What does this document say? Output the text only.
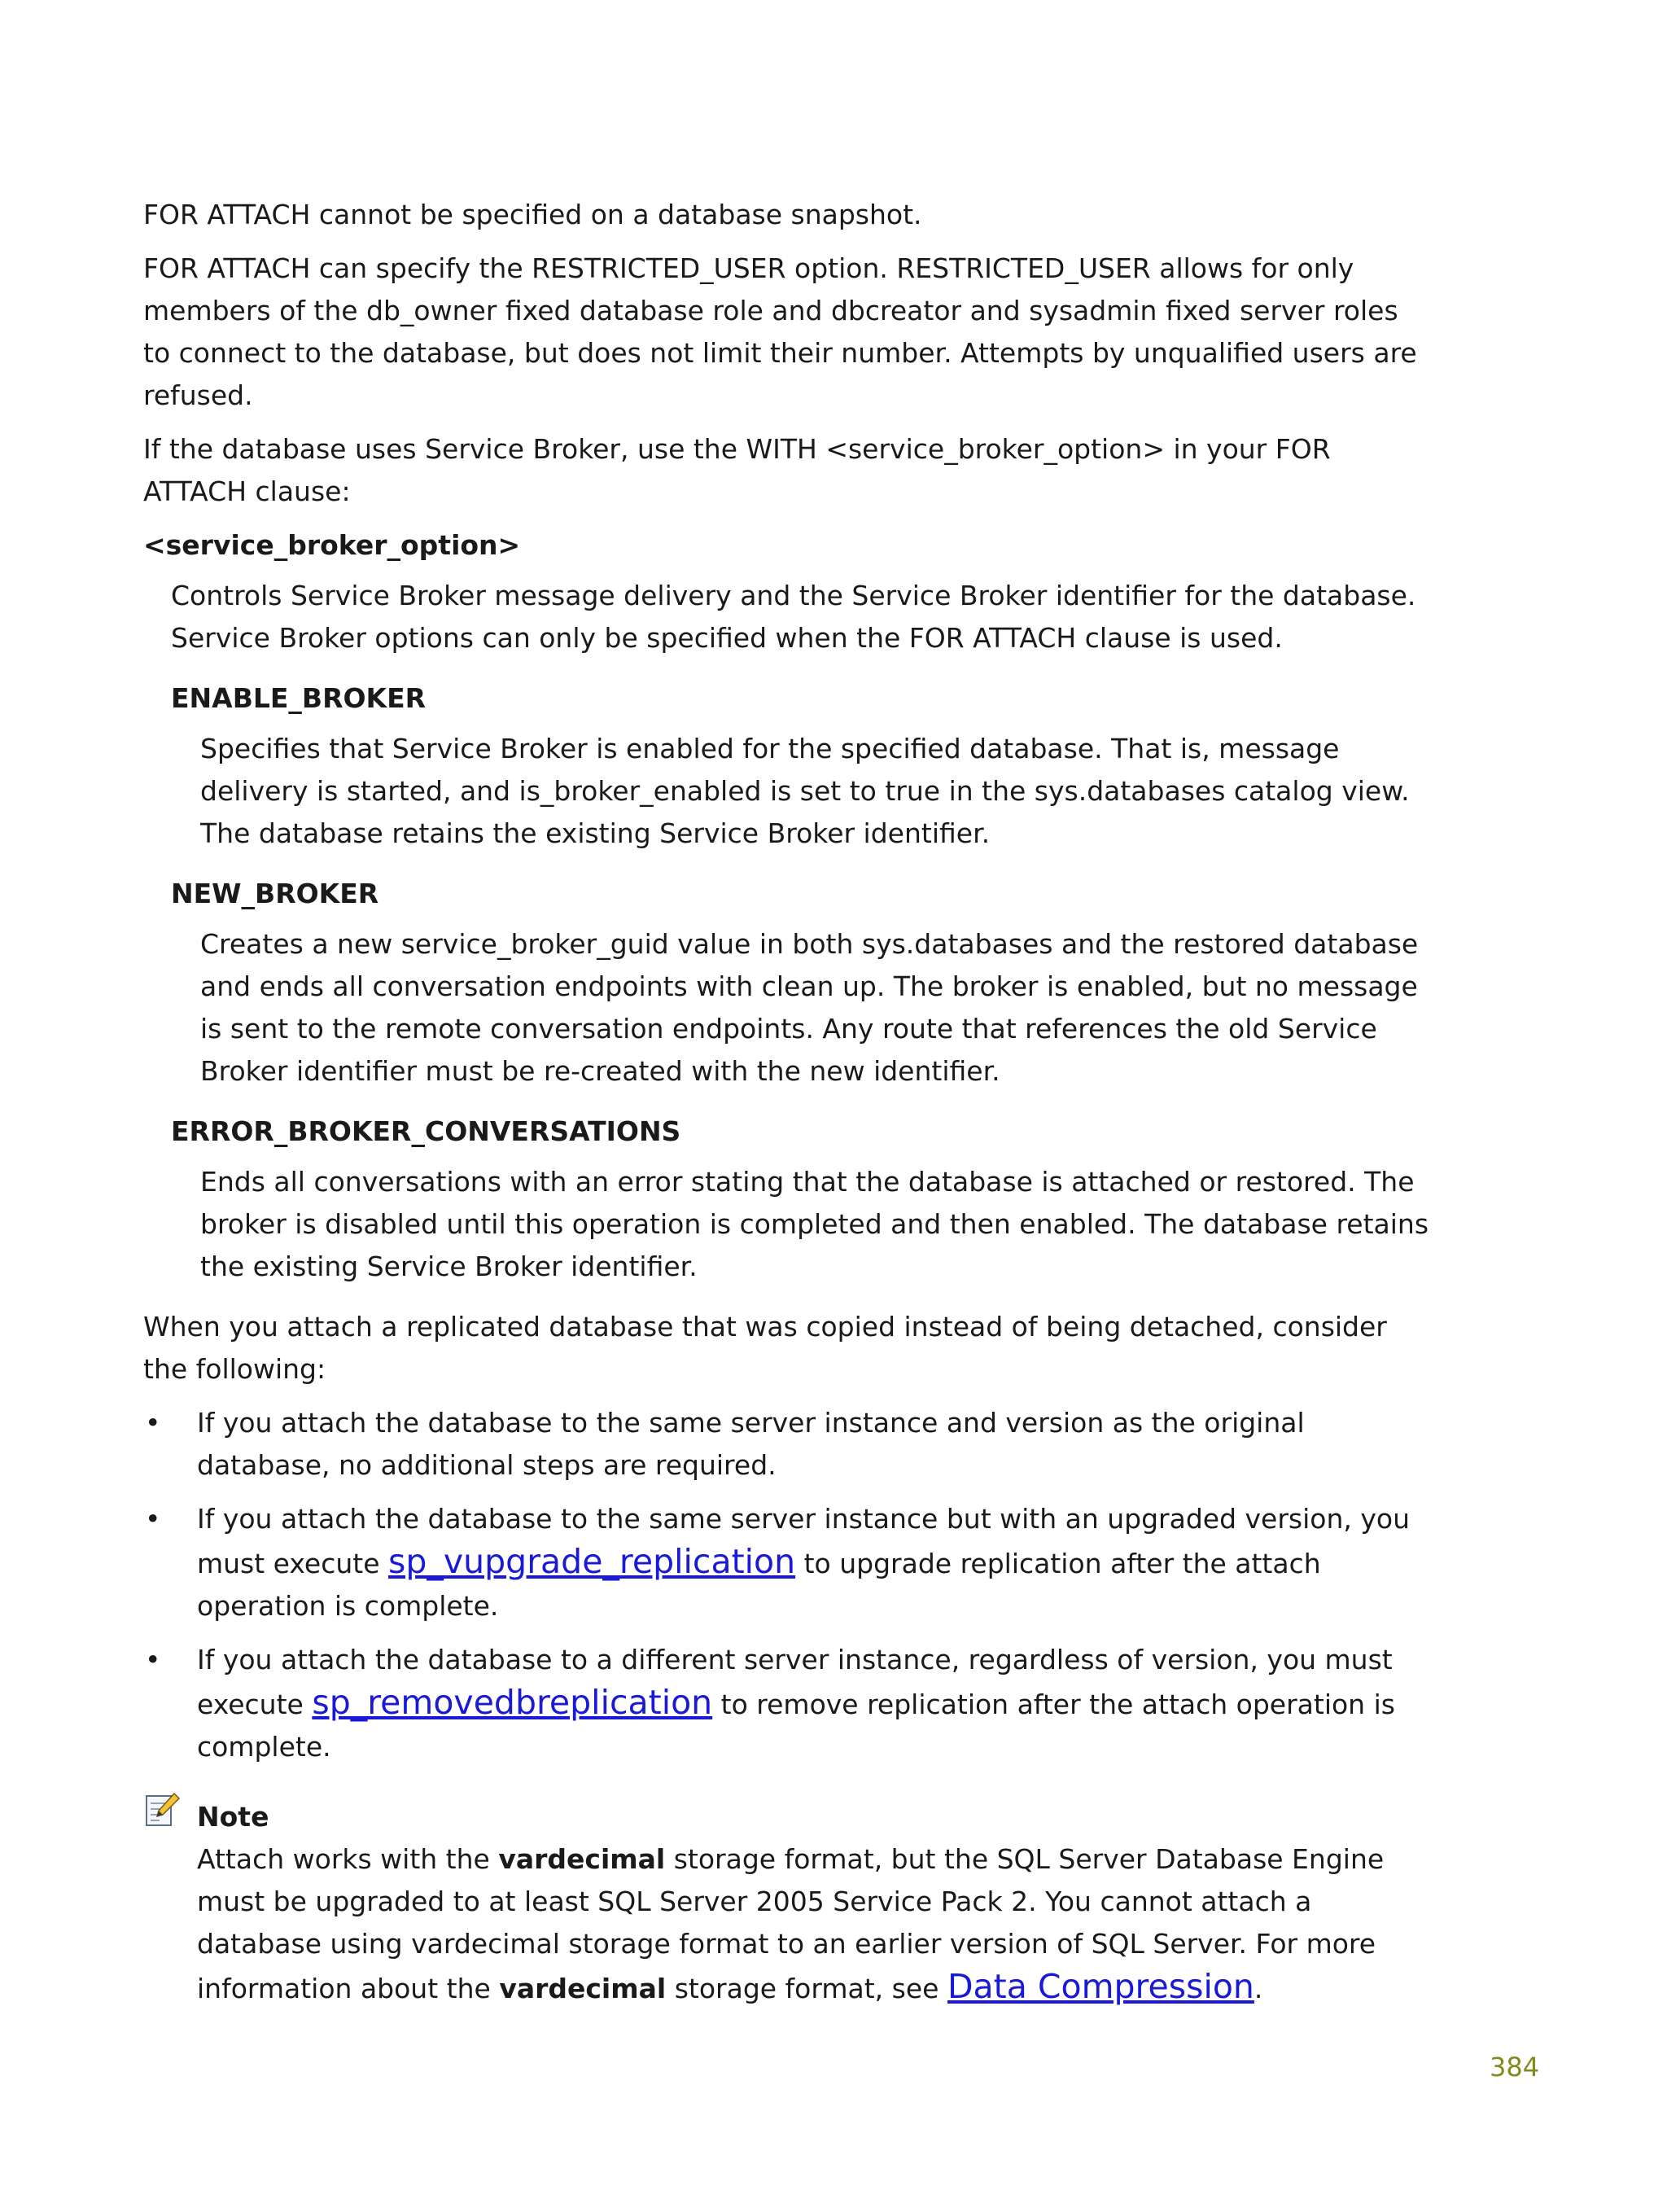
FOR ATTACH cannot be specified on a database snapshot.

FOR ATTACH can specify the RESTRICTED_USER option. RESTRICTED_USER allows for only members of the db_owner fixed database role and dbcreator and sysadmin fixed server roles to connect to the database, but does not limit their number. Attempts by unqualified users are refused.

If the database uses Service Broker, use the WITH <service_broker_option> in your FOR ATTACH clause:

<service_broker_option>

Controls Service Broker message delivery and the Service Broker identifier for the database. Service Broker options can only be specified when the FOR ATTACH clause is used.

ENABLE_BROKER

Specifies that Service Broker is enabled for the specified database. That is, message delivery is started, and is_broker_enabled is set to true in the sys.databases catalog view. The database retains the existing Service Broker identifier.

NEW_BROKER

Creates a new service_broker_guid value in both sys.databases and the restored database and ends all conversation endpoints with clean up. The broker is enabled, but no message is sent to the remote conversation endpoints. Any route that references the old Service Broker identifier must be re-created with the new identifier.

ERROR_BROKER_CONVERSATIONS

Ends all conversations with an error stating that the database is attached or restored. The broker is disabled until this operation is completed and then enabled. The database retains the existing Service Broker identifier.

When you attach a replicated database that was copied instead of being detached, consider the following:

• If you attach the database to the same server instance and version as the original database, no additional steps are required.
• If you attach the database to the same server instance but with an upgraded version, you must execute sp_vupgrade_replication to upgrade replication after the attach operation is complete.
• If you attach the database to a different server instance, regardless of version, you must execute sp_removedbreplication to remove replication after the attach operation is complete.

Note

Attach works with the vardecimal storage format, but the SQL Server Database Engine must be upgraded to at least SQL Server 2005 Service Pack 2. You cannot attach a database using vardecimal storage format to an earlier version of SQL Server. For more information about the vardecimal storage format, see Data Compression.

384
